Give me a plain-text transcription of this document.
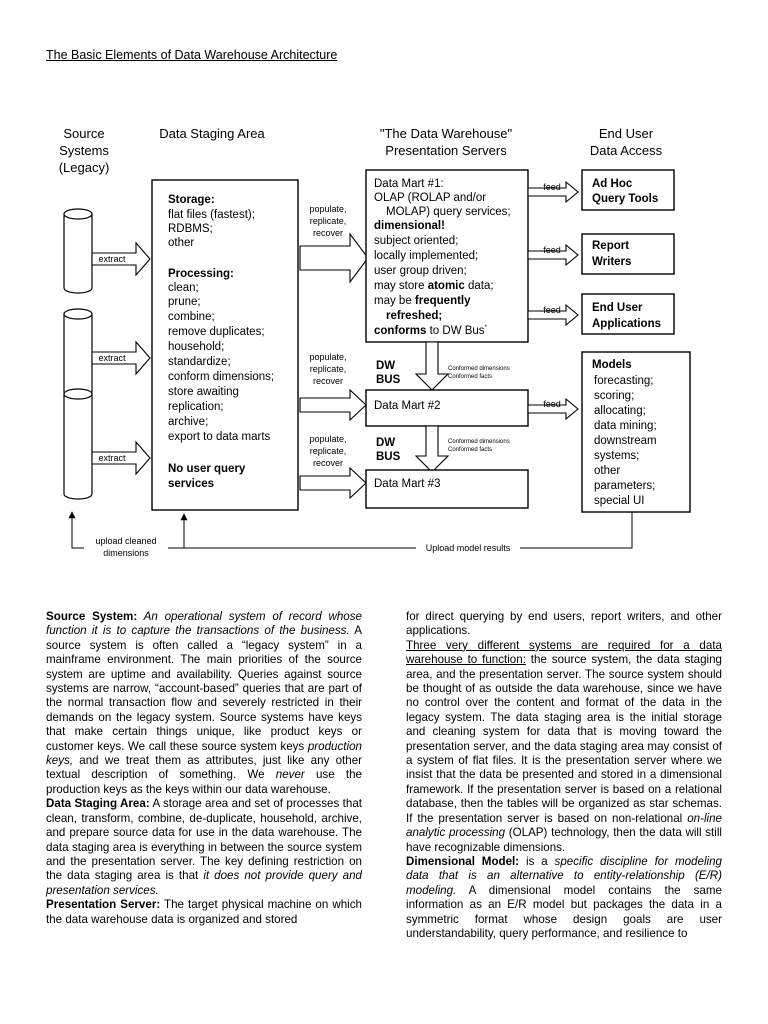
The Basic Elements of Data Warehouse Architecture
Source
Systems
(Legacy)
Data Staging Area	"The Data Warehouse"
Presentation Servers
End User
Data Access
extract
extract
extract
Storage:
flat files (fastest);
RDBMS;
other
Processing:
clean;
prune;
combine;
remove duplicates;
household;
standardize;
conform dimensions;
store awaiting
replication;
archive;
export to data marts
No user query
services
populate,
replicate,
recover
populate,
replicate,
recover
populate,
replicate,
recover
Data Mart #1:
OLAP (ROLAP and/or
MOLAP) query services;
dimensional!
subject oriented;
locally implemented;
user group driven;
may store atomic data;
may be frequently
refreshed;
conforms to DW Bus*
DW
BUS
Conformed dimensions
Conformed facts
Data Mart #2
DW
BUS
Conformed dimensions
Conformed facts
Data Mart #3
feed
feed
feed
feed
Ad Hoc
Query Tools
Report
Writers
End User
Applications
Models
forecasting;
scoring;
allocating;
data mining;
downstream
systems;
other
parameters;
special UI
Upload model results
upload cleaned
dimensions

Source System: An operational system of record whose function it is to capture the transactions of the business. A source system is often called a “legacy system” in a mainframe environment. The main priorities of the source system are uptime and availability. Queries against source systems are narrow, “account-based” queries that are part of the normal transaction flow and severely restricted in their demands on the legacy system. Source systems have keys that make certain things unique, like product keys or customer keys. We call these source system keys production keys, and we treat them as attributes, just like any other textual description of something. We never use the production keys as the keys within our data warehouse.

Data Staging Area: A storage area and set of processes that clean, transform, combine, de-duplicate, household, archive, and prepare source data for use in the data warehouse. The data staging area is everything in between the source system and the presentation server. The key defining restriction on the data staging area is that it does not provide query and presentation services.

Presentation Server: The target physical machine on which the data warehouse data is organized and stored

for direct querying by end users, report writers, and other applications.

Three very different systems are required for a data warehouse to function: the source system, the data staging area, and the presentation server. The source system should be thought of as outside the data warehouse, since we have no control over the content and format of the data in the legacy system. The data staging area is the initial storage and cleaning system for data that is moving toward the presentation server, and the data staging area may consist of a system of flat files. It is the presentation server where we insist that the data be presented and stored in a dimensional framework. If the presentation server is based on a relational database, then the tables will be organized as star schemas. If the presentation server is based on non-relational on-line analytic processing (OLAP) technology, then the data will still have recognizable dimensions.

Dimensional Model: is a specific discipline for modeling data that is an alternative to entity-relationship (E/R) modeling. A dimensional model contains the same information as an E/R model but packages the data in a symmetric format whose design goals are user understandability, query performance, and resilience to
